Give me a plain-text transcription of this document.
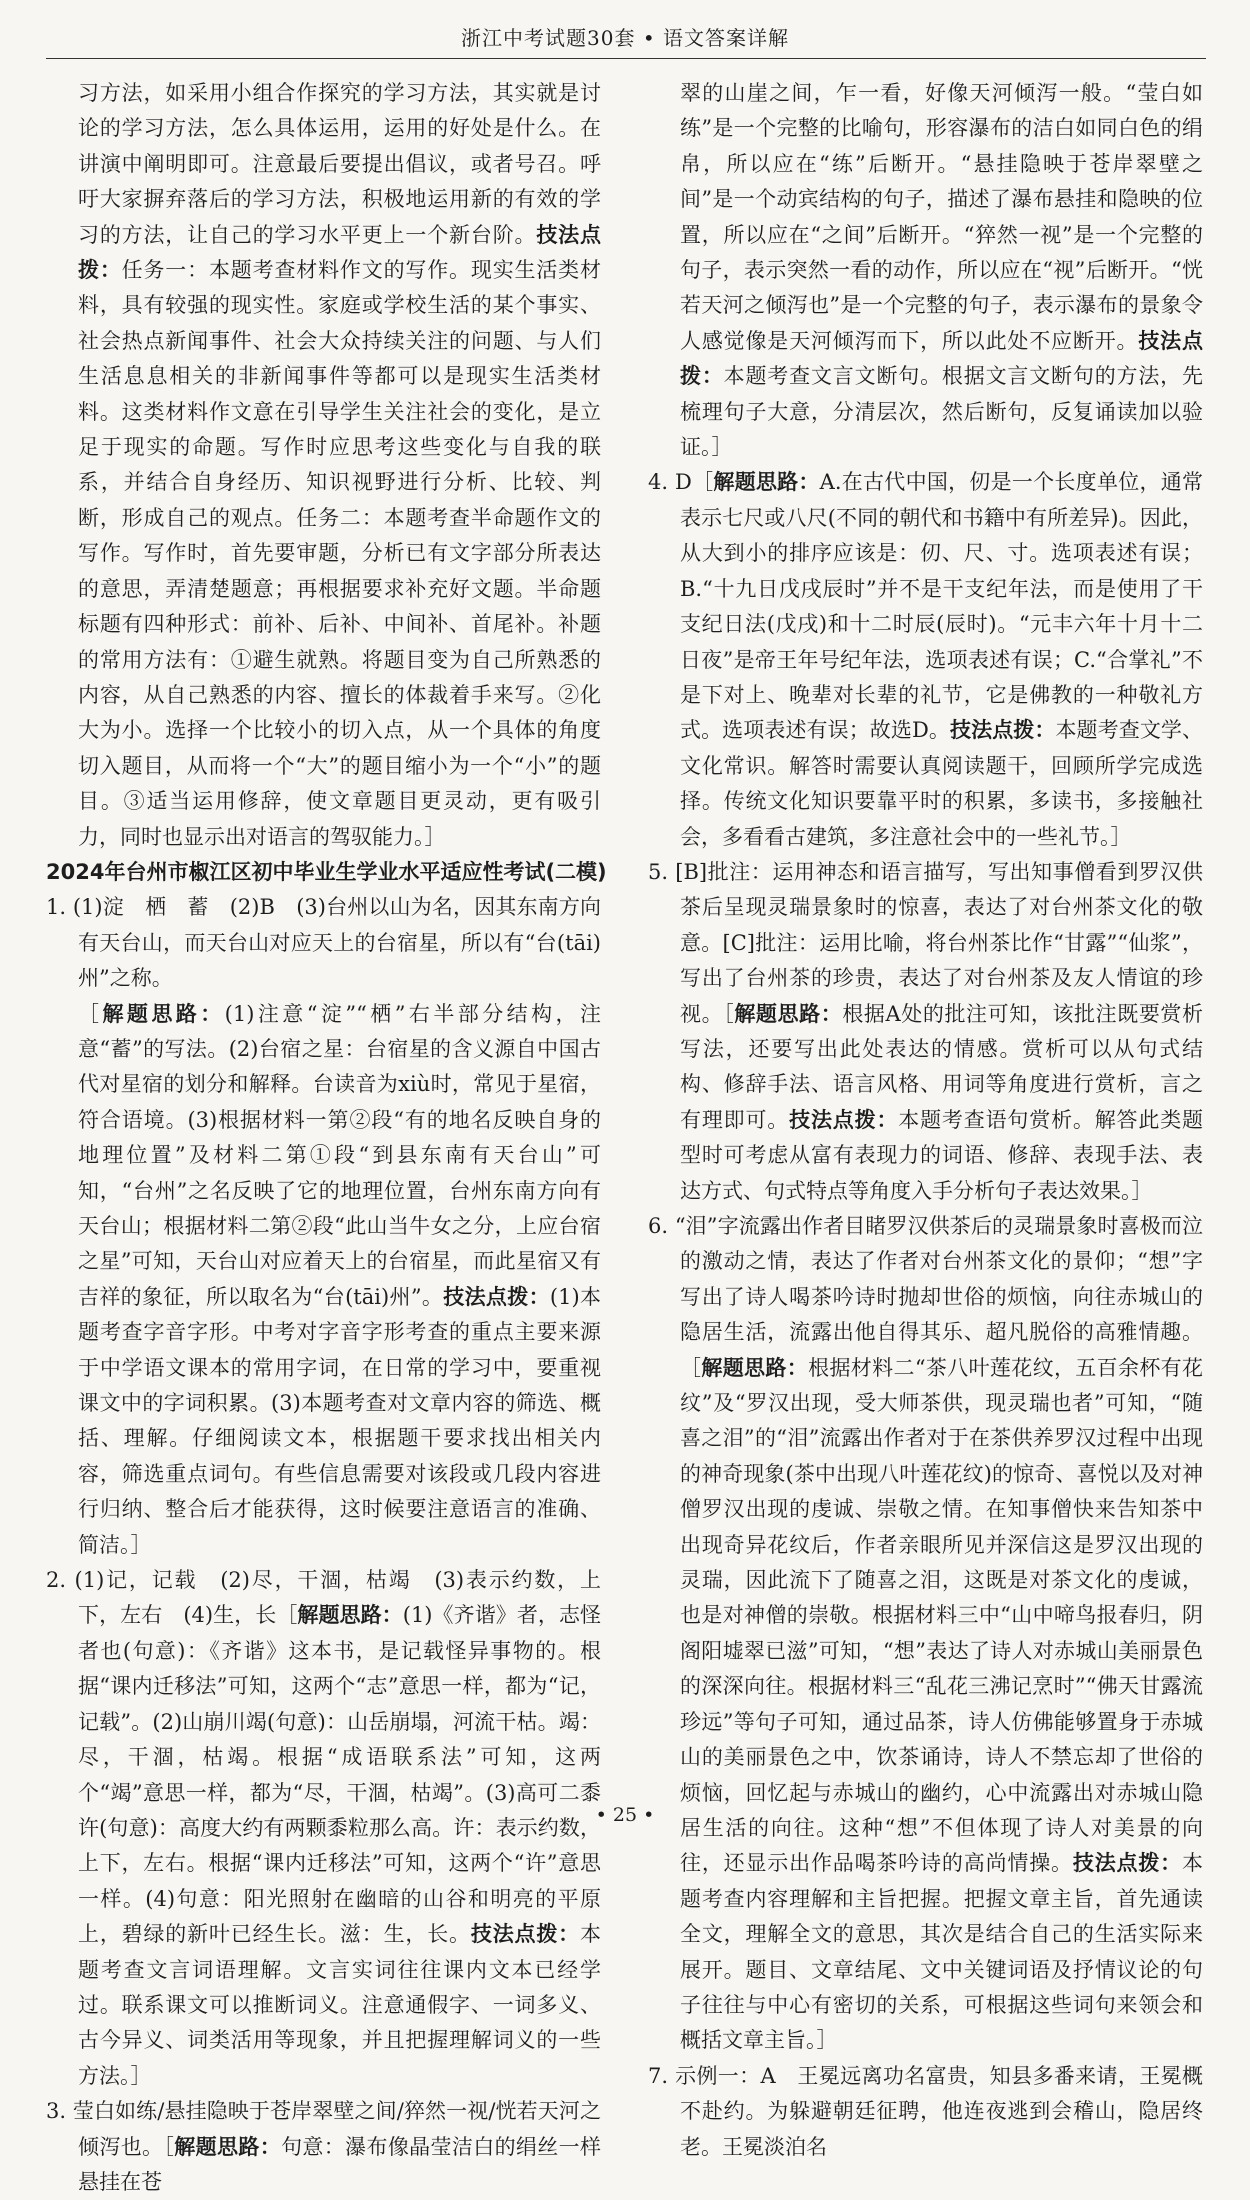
浙江中考试题30套 • 语文答案详解

习方法，如采用小组合作探究的学习方法，其实就是讨论的学习方法，怎么具体运用，运用的好处是什么。在讲演中阐明即可。注意最后要提出倡议，或者号召。呼吁大家摒弃落后的学习方法，积极地运用新的有效的学习的方法，让自己的学习水平更上一个新台阶。技法点拨：任务一：本题考查材料作文的写作。现实生活类材料，具有较强的现实性。家庭或学校生活的某个事实、社会热点新闻事件、社会大众持续关注的问题、与人们生活息息相关的非新闻事件等都可以是现实生活类材料。这类材料作文意在引导学生关注社会的变化，是立足于现实的命题。写作时应思考这些变化与自我的联系，并结合自身经历、知识视野进行分析、比较、判断，形成自己的观点。任务二：本题考查半命题作文的写作。写作时，首先要审题，分析已有文字部分所表达的意思，弄清楚题意；再根据要求补充好文题。半命题标题有四种形式：前补、后补、中间补、首尾补。补题的常用方法有：①避生就熟。将题目变为自己所熟悉的内容，从自己熟悉的内容、擅长的体裁着手来写。②化大为小。选择一个比较小的切入点，从一个具体的角度切入题目，从而将一个“大”的题目缩小为一个“小”的题目。③适当运用修辞，使文章题目更灵动，更有吸引力，同时也显示出对语言的驾驭能力。］

2024年台州市椒江区初中毕业生学业水平适应性考试(二模)

1. (1)淀　栖　蓄　(2)B　(3)台州以山为名，因其东南方向有天台山，而天台山对应天上的台宿星，所以有“台(tāi)州”之称。
［解题思路：(1)注意“淀”“栖”右半部分结构，注意“蓄”的写法。(2)台宿之星：台宿星的含义源自中国古代对星宿的划分和解释。台读音为xiù时，常见于星宿，符合语境。(3)根据材料一第②段“有的地名反映自身的地理位置”及材料二第①段“到县东南有天台山”可知，“台州”之名反映了它的地理位置，台州东南方向有天台山；根据材料二第②段“此山当牛女之分，上应台宿之星”可知，天台山对应着天上的台宿星，而此星宿又有吉祥的象征，所以取名为“台(tāi)州”。技法点拨：(1)本题考查字音字形。中考对字音字形考查的重点主要来源于中学语文课本的常用字词，在日常的学习中，要重视课文中的字词积累。(3)本题考查对文章内容的筛选、概括、理解。仔细阅读文本，根据题干要求找出相关内容，筛选重点词句。有些信息需要对该段或几段内容进行归纳、整合后才能获得，这时候要注意语言的准确、简洁。］

2. (1)记，记载　(2)尽，干涸，枯竭　(3)表示约数，上下，左右　(4)生，长［解题思路：(1)《齐谐》者，志怪者也(句意)：《齐谐》这本书，是记载怪异事物的。根据“课内迁移法”可知，这两个“志”意思一样，都为“记，记载”。(2)山崩川竭(句意)：山岳崩塌，河流干枯。竭：尽，干涸，枯竭。根据“成语联系法”可知，这两个“竭”意思一样，都为“尽，干涸，枯竭”。(3)高可二黍许(句意)：高度大约有两颗黍粒那么高。许：表示约数，上下，左右。根据“课内迁移法”可知，这两个“许”意思一样。(4)句意：阳光照射在幽暗的山谷和明亮的平原上，碧绿的新叶已经生长。滋：生，长。技法点拨：本题考查文言词语理解。文言实词往往课内文本已经学过。联系课文可以推断词义。注意通假字、一词多义、古今异义、词类活用等现象，并且把握理解词义的一些方法。］

3. 莹白如练/悬挂隐映于苍岸翠壁之间/猝然一视/恍若天河之倾泻也。［解题思路：句意：瀑布像晶莹洁白的绢丝一样悬挂在苍

翠的山崖之间，乍一看，好像天河倾泻一般。“莹白如练”是一个完整的比喻句，形容瀑布的洁白如同白色的绢帛，所以应在“练”后断开。“悬挂隐映于苍岸翠壁之间”是一个动宾结构的句子，描述了瀑布悬挂和隐映的位置，所以应在“之间”后断开。“猝然一视”是一个完整的句子，表示突然一看的动作，所以应在“视”后断开。“恍若天河之倾泻也”是一个完整的句子，表示瀑布的景象令人感觉像是天河倾泻而下，所以此处不应断开。技法点拨：本题考查文言文断句。根据文言文断句的方法，先梳理句子大意，分清层次，然后断句，反复诵读加以验证。］

4. D［解题思路：A.在古代中国，仞是一个长度单位，通常表示七尺或八尺(不同的朝代和书籍中有所差异)。因此，从大到小的排序应该是：仞、尺、寸。选项表述有误；B.“十九日戊戌辰时”并不是干支纪年法，而是使用了干支纪日法(戊戌)和十二时辰(辰时)。“元丰六年十月十二日夜”是帝王年号纪年法，选项表述有误；C.“合掌礼”不是下对上、晚辈对长辈的礼节，它是佛教的一种敬礼方式。选项表述有误；故选D。技法点拨：本题考查文学、文化常识。解答时需要认真阅读题干，回顾所学完成选择。传统文化知识要靠平时的积累，多读书，多接触社会，多看看古建筑，多注意社会中的一些礼节。］

5. [B]批注：运用神态和语言描写，写出知事僧看到罗汉供茶后呈现灵瑞景象时的惊喜，表达了对台州茶文化的敬意。[C]批注：运用比喻，将台州茶比作“甘露”“仙浆”，写出了台州茶的珍贵，表达了对台州茶及友人情谊的珍视。［解题思路：根据A处的批注可知，该批注既要赏析写法，还要写出此处表达的情感。赏析可以从句式结构、修辞手法、语言风格、用词等角度进行赏析，言之有理即可。技法点拨：本题考查语句赏析。解答此类题型时可考虑从富有表现力的词语、修辞、表现手法、表达方式、句式特点等角度入手分析句子表达效果。］

6. “泪”字流露出作者目睹罗汉供茶后的灵瑞景象时喜极而泣的激动之情，表达了作者对台州茶文化的景仰；“想”字写出了诗人喝茶吟诗时抛却世俗的烦恼，向往赤城山的隐居生活，流露出他自得其乐、超凡脱俗的高雅情趣。［解题思路：根据材料二“茶八叶莲花纹，五百余杯有花纹”及“罗汉出现，受大师茶供，现灵瑞也者”可知，“随喜之泪”的“泪”流露出作者对于在茶供养罗汉过程中出现的神奇现象(茶中出现八叶莲花纹)的惊奇、喜悦以及对神僧罗汉出现的虔诚、崇敬之情。在知事僧快来告知茶中出现奇异花纹后，作者亲眼所见并深信这是罗汉出现的灵瑞，因此流下了随喜之泪，这既是对茶文化的虔诚，也是对神僧的崇敬。根据材料三中“山中啼鸟报春归，阴阁阳墟翠已滋”可知，“想”表达了诗人对赤城山美丽景色的深深向往。根据材料三“乱花三沸记烹时”“佛天甘露流珍远”等句子可知，通过品茶，诗人仿佛能够置身于赤城山的美丽景色之中，饮茶诵诗，诗人不禁忘却了世俗的烦恼，回忆起与赤城山的幽约，心中流露出对赤城山隐居生活的向往。这种“想”不但体现了诗人对美景的向往，还显示出作品喝茶吟诗的高尚情操。技法点拨：本题考查内容理解和主旨把握。把握文章主旨，首先通读全文，理解全文的意思，其次是结合自己的生活实际来展开。题目、文章结尾、文中关键词语及抒情议论的句子往往与中心有密切的关系，可根据这些词句来领会和概括文章主旨。］

7. 示例一：A　王冕远离功名富贵，知县多番来请，王冕概不赴约。为躲避朝廷征聘，他连夜逃到会稽山，隐居终老。王冕淡泊名

• 25 •
